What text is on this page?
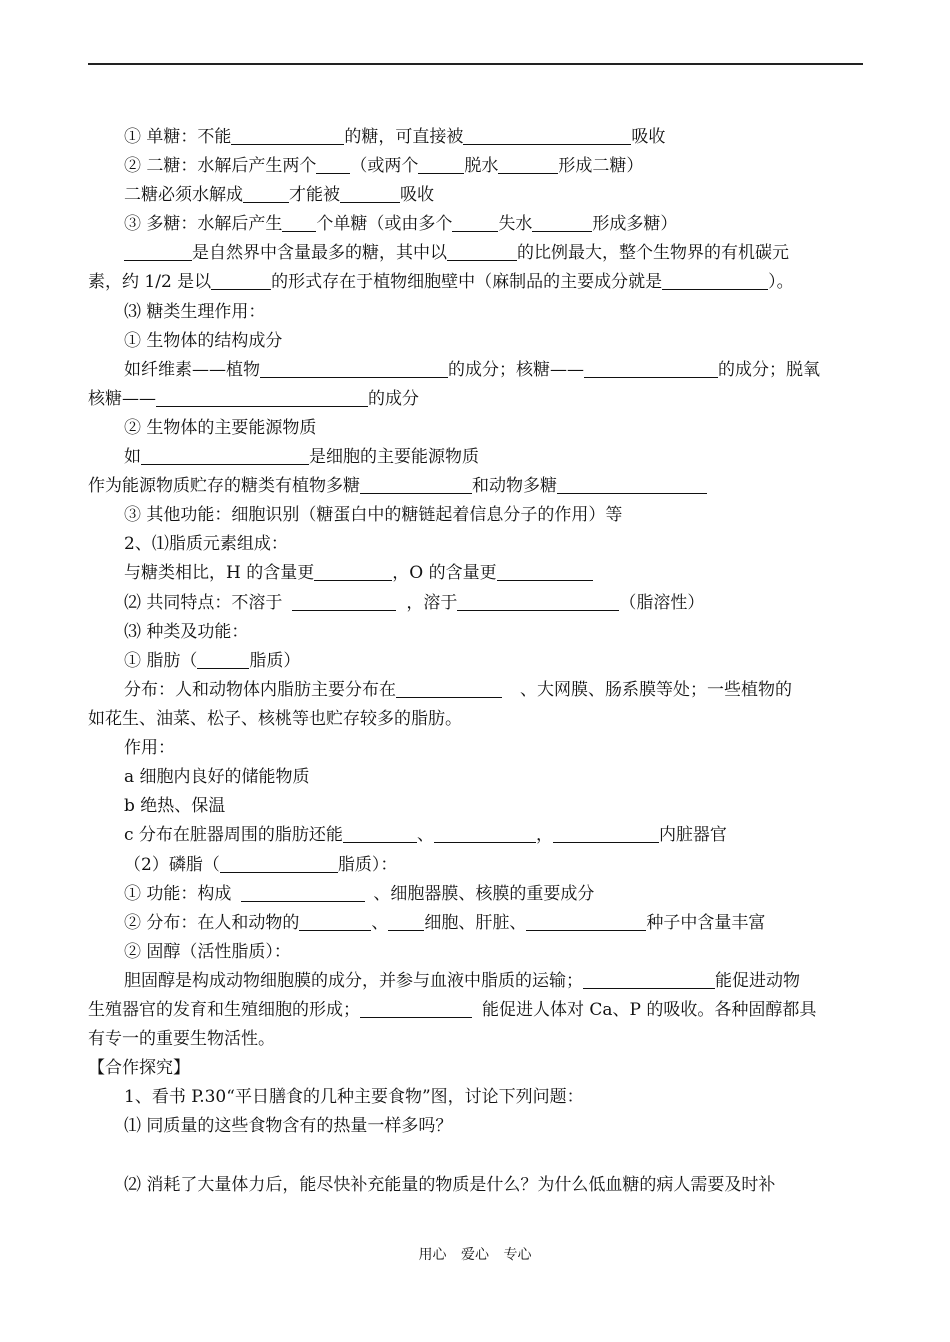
① 单糖：不能	的糖，可直接被	吸收
② 二糖：水解后产生两个 （或两个	脱水	形成二糖）
二糖必须水解成	才能被	吸收
③ 多糖：水解后产生 个单糖（或由多个	失水	形成多糖）
是自然界中含量最多的糖，其中以	的比例最大，整个生物界的有机碳元
素，约 1/2 是以	的形式存在于植物细胞壁中（麻制品的主要成分就是	）。
⑶ 糖类生理作用：
① 生物体的结构成分
如纤维素——植物	的成分；核糖——	的成分；脱氧
核糖——	的成分
② 生物体的主要能源物质
如	是细胞的主要能源物质
作为能源物质贮存的糖类有植物多糖	和动物多糖
③ 其他功能：细胞识别（糖蛋白中的糖链起着信息分子的作用）等
2、⑴脂质元素组成：
与糖类相比，H 的含量更	，O 的含量更
⑵ 共同特点：不溶于	，溶于	（脂溶性）
⑶ 种类及功能：
① 脂肪（	脂质）
分布：人和动物体内脂肪主要分布在	、大网膜、肠系膜等处；一些植物的
如花生、油菜、松子、核桃等也贮存较多的脂肪。
作用：
a 细胞内良好的储能物质
b 绝热、保温
c 分布在脏器周围的脂肪还能	、	，	内脏器官
（2）磷脂（	脂质）：
① 功能：构成	、细胞器膜、核膜的重要成分
② 分布：在人和动物的	、 细胞、肝脏、	种子中含量丰富
② 固醇（活性脂质）：
胆固醇是构成动物细胞膜的成分，并参与血液中脂质的运输；	能促进动物
生殖器官的发育和生殖细胞的形成；	能促进人体对 Ca、P 的吸收。各种固醇都具
有专一的重要生物活性。
【合作探究】
1、看书 P.30“平日膳食的几种主要食物”图，讨论下列问题：
⑴ 同质量的这些食物含有的热量一样多吗？
⑵ 消耗了大量体力后，能尽快补充能量的物质是什么？为什么低血糖的病人需要及时补
用心 爱心 专心
